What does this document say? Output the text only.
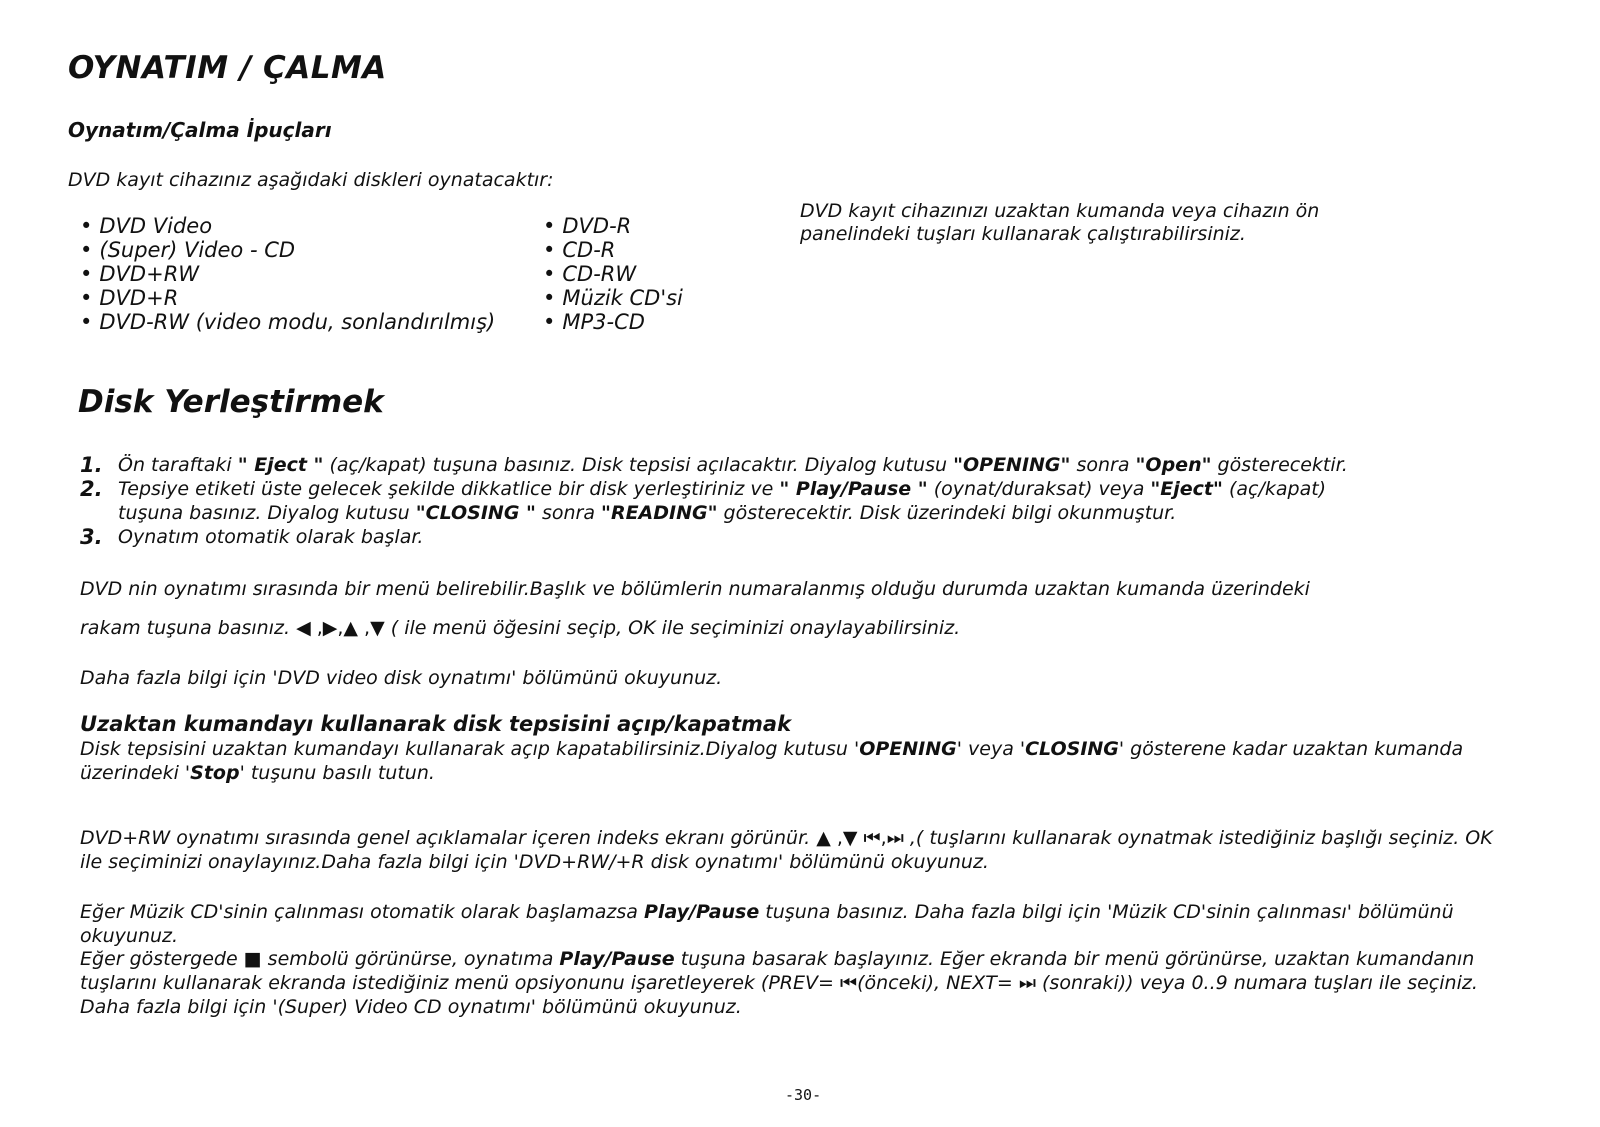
OYNATIM / ÇALMA
Oynatım/Çalma İpuçları
DVD kayıt cihazınız aşağıdaki diskleri oynatacaktır:
• DVD Video
• (Super) Video - CD
• DVD+RW
• DVD+R
• DVD-RW (video modu, sonlandırılmış)
• DVD-R
• CD-R
• CD-RW
• Müzik CD'si
• MP3-CD

DVD kayıt cihazınızı uzaktan kumanda veya cihazın ön panelindeki tuşları kullanarak çalıştırabilirsiniz.

Disk Yerleştirmek
1. Ön taraftaki " Eject " (aç/kapat) tuşuna basınız. Disk tepsisi açılacaktır. Diyalog kutusu "OPENING" sonra "Open" gösterecektir.
2. Tepsiye etiketi üste gelecek şekilde dikkatlice bir disk yerleştiriniz ve " Play/Pause " (oynat/duraksat) veya "Eject" (aç/kapat)
tuşuna basınız. Diyalog kutusu "CLOSING " sonra "READING" gösterecektir. Disk üzerindeki bilgi okunmuştur.
3. Oynatım otomatik olarak başlar.

DVD nin oynatımı sırasında bir menü belirebilir.Başlık ve bölümlerin numaralanmış olduğu durumda uzaktan kumanda üzerindeki

rakam tuşuna basınız. ◀ ,▶,▲ ,▼ ( ile menü öğesini seçip, OK ile seçiminizi onaylayabilirsiniz.

Daha fazla bilgi için 'DVD video disk oynatımı' bölümünü okuyunuz.

Uzaktan kumandayı kullanarak disk tepsisini açıp/kapatmak

Disk tepsisini uzaktan kumandayı kullanarak açıp kapatabilirsiniz.Diyalog kutusu 'OPENING' veya 'CLOSING' gösterene kadar uzaktan kumanda üzerindeki 'Stop' tuşunu basılı tutun.

DVD+RW oynatımı sırasında genel açıklamalar içeren indeks ekranı görünür. ▲ ,▼ ⏮,⏭ ,( tuşlarını kullanarak oynatmak istediğiniz başlığı seçiniz. OK ile seçiminizi onaylayınız.Daha fazla bilgi için 'DVD+RW/+R disk oynatımı' bölümünü okuyunuz.

Eğer Müzik CD'sinin çalınması otomatik olarak başlamazsa Play/Pause tuşuna basınız. Daha fazla bilgi için 'Müzik CD'sinin çalınması' bölümünü okuyunuz.

Eğer göstergede ■ sembolü görünürse, oynatıma Play/Pause tuşuna basarak başlayınız. Eğer ekranda bir menü görünürse, uzaktan kumandanın tuşlarını kullanarak ekranda istediğiniz menü opsiyonunu işaretleyerek (PREV= ⏮(önceki), NEXT= ⏭ (sonraki)) veya 0..9 numara tuşları ile seçiniz. Daha fazla bilgi için '(Super) Video CD oynatımı' bölümünü okuyunuz.

-30-
